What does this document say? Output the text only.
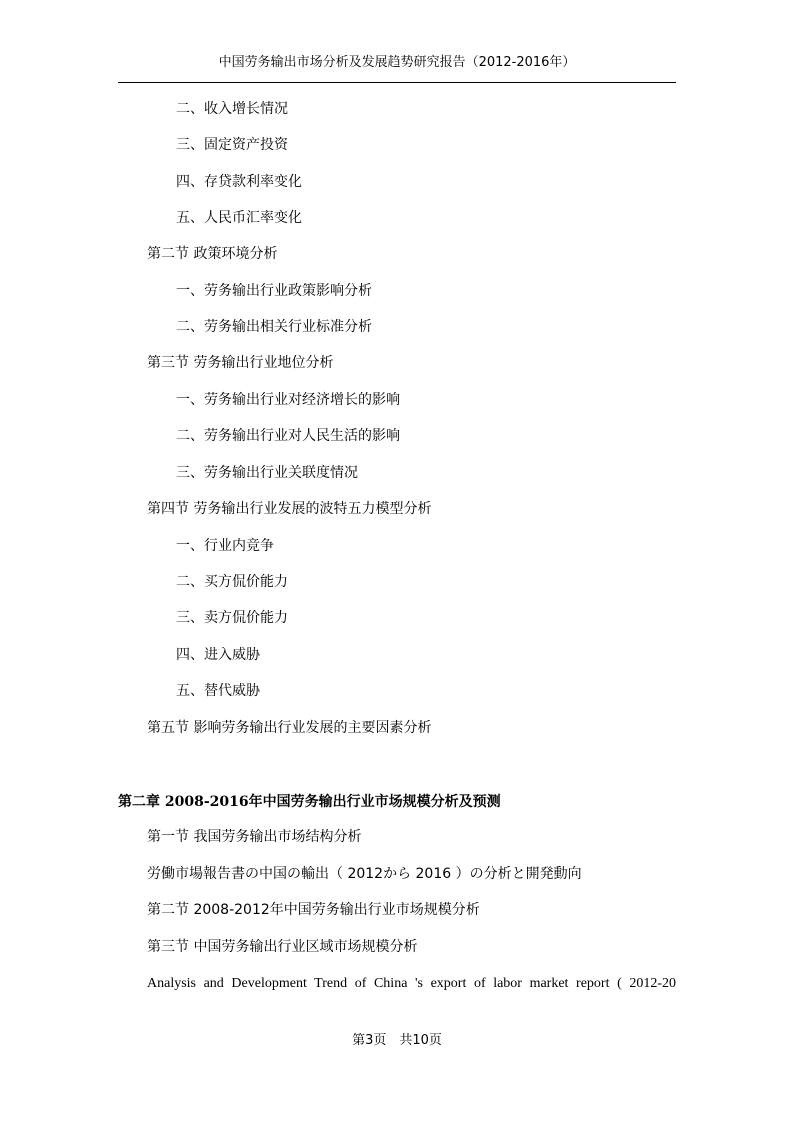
中国劳务输出市场分析及发展趋势研究报告（2012-2016年）
二、收入增长情况
三、固定资产投资
四、存贷款利率变化
五、人民币汇率变化
第二节 政策环境分析
一、劳务输出行业政策影响分析
二、劳务输出相关行业标准分析
第三节 劳务输出行业地位分析
一、劳务输出行业对经济增长的影响
二、劳务输出行业对人民生活的影响
三、劳务输出行业关联度情况
第四节 劳务输出行业发展的波特五力模型分析
一、行业内竞争
二、买方侃价能力
三、卖方侃价能力
四、进入威胁
五、替代威胁
第五节 影响劳务输出行业发展的主要因素分析
第二章 2008-2016年中国劳务输出行业市场规模分析及预测
第一节 我国劳务输出市场结构分析
労働市場報告書の中国の輸出（ 2012から 2016 ）の分析と開発動向
第二节 2008-2012年中国劳务输出行业市场规模分析
第三节 中国劳务输出行业区域市场规模分析
Analysis and Development Trend of China 's export of labor market report ( 2012-20
第3页　共10页
